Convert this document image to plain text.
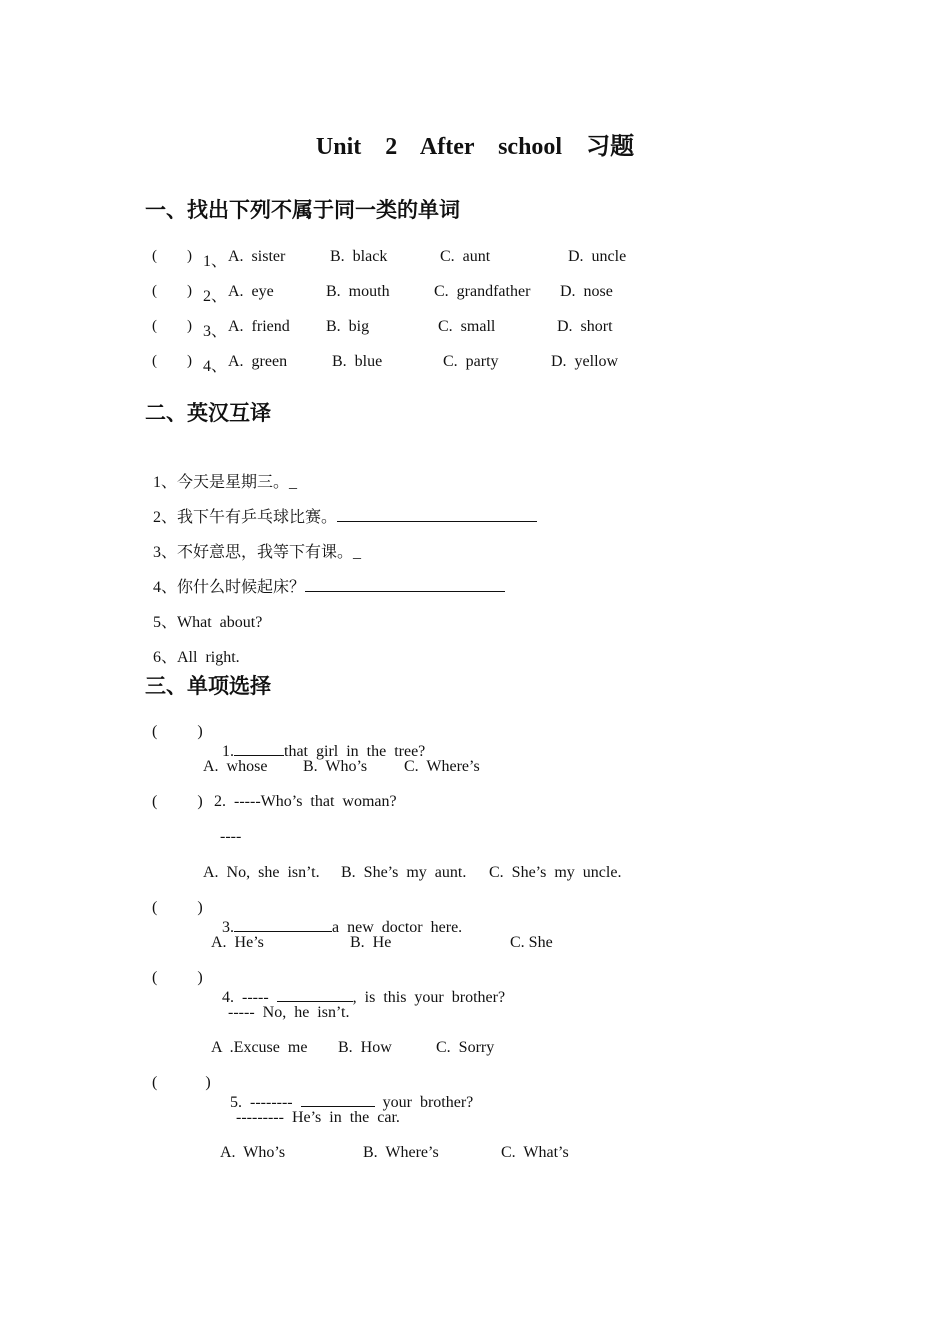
Unit  2  After  school  习题
一、找出下列不属于同一类的单词
(        ) 1、 A.  sister	B.  black	C.  aunt	D.  uncle
(        ) 2、 A.  eye	B.  mouth	C.  grandfather D.  nose
(        ) 3、 A.  friend B.  big	C.  small	D.  short
(        ) 4、 A.  green	B.  blue	C.  party	D.  yellow
二、英汉互译

1、今天是星期三。_

2、我下午有乒乓球比赛。

3、不好意思，我等下有课。_

4、你什么时候起床？

5、What  about?

6、All  right.

三、单项选择
(          )

1.	that  girl  in  the  tree?

A.  whose B.  Who’s C.  Where’s
(          ) 2.  -----Who’s  that  woman?
----
A.  No,  she  isn’t. B.  She’s  my  aunt. C.  She’s  my  uncle.
(          )

3.	a  new  doctor  here.

A.  He’s	B.  He	C. She
(          )

4.  -----	,  is  this  your  brother?

-----  No,  he  isn’t.
A  .Excuse  me B.  How	C.  Sorry
(            )

5.  --------	your  brother?

---------  He’s  in  the  car.
A.  Who’s	B.  Where’s	C.  What’s
